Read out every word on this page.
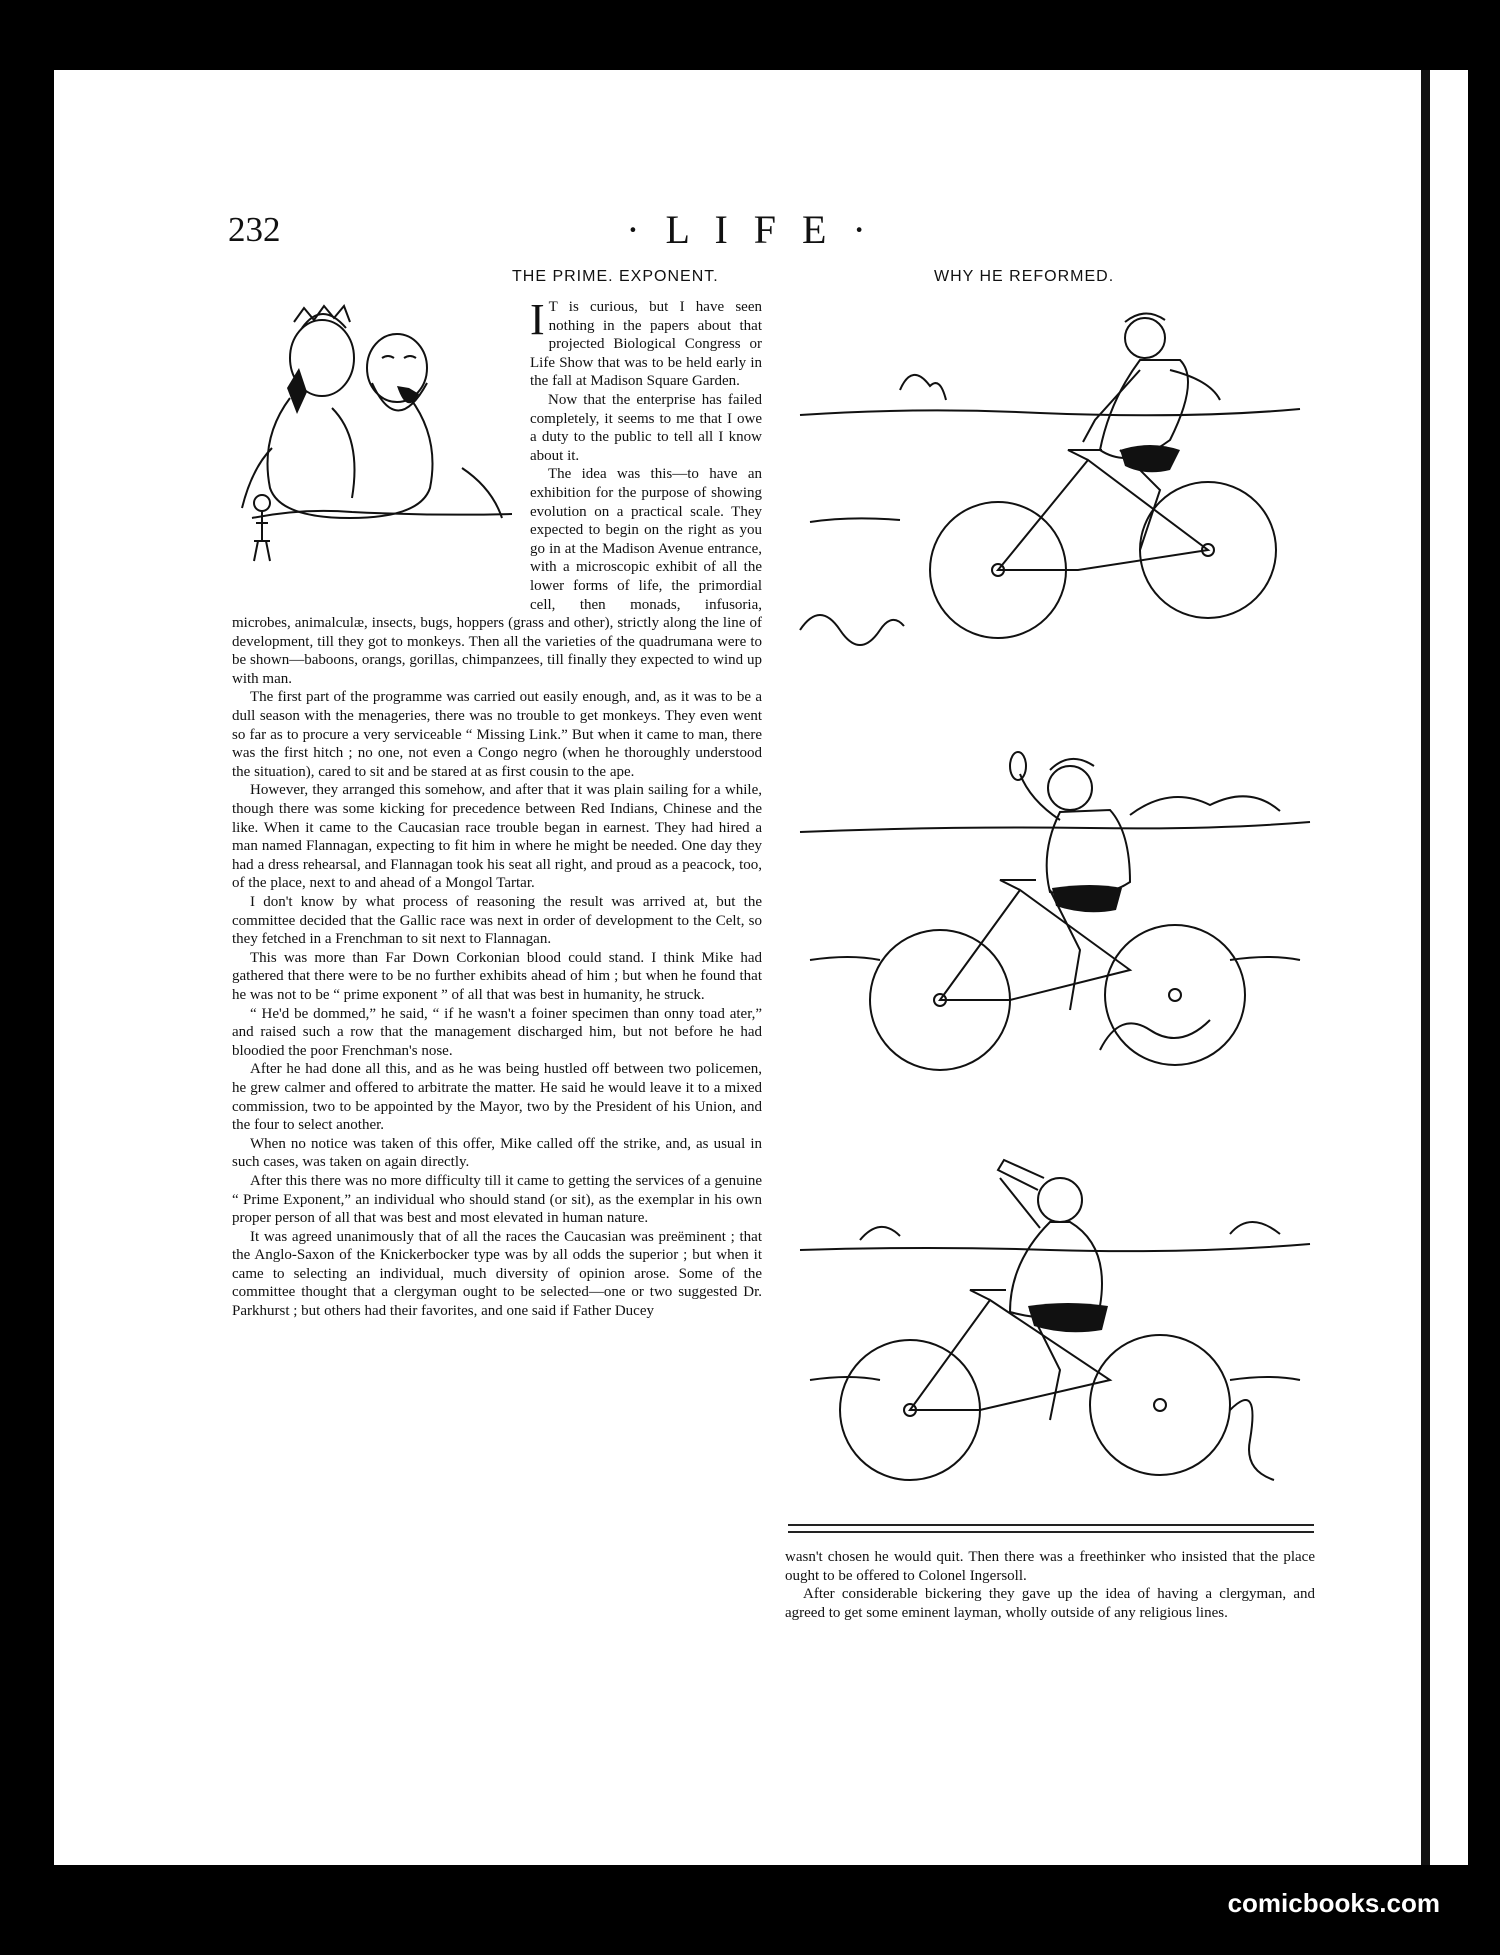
232	· L I F E ·
THE PRIME. EXPONENT.	WHY HE REFORMED.
I T is curious, but I have seen nothing in the papers about that projected Biological Congress or Life Show that was to be held early in the fall at Madison Square Garden.

Now that the enterprise has failed completely, it seems to me that I owe a duty to the public to tell all I know about it.

The idea was this—to have an exhibition for the purpose of showing evolution on a practical scale. They expected to begin on the right as you go in at the Madison Avenue entrance, with a microscopic exhibit of all the lower forms of life, the primordial cell, then monads, infusoria, microbes, animalculæ, insects, bugs, hoppers (grass and other), strictly along the line of development, till they got to monkeys. Then all the varieties of the quadrumana were to be shown—baboons, orangs, gorillas, chimpanzees, till finally they expected to wind up with man.

The first part of the programme was carried out easily enough, and, as it was to be a dull season with the menageries, there was no trouble to get monkeys. They even went so far as to procure a very serviceable “ Missing Link.” But when it came to man, there was the first hitch ; no one, not even a Congo negro (when he thoroughly understood the situation), cared to sit and be stared at as first cousin to the ape.

However, they arranged this somehow, and after that it was plain sailing for a while, though there was some kicking for precedence between Red Indians, Chinese and the like. When it came to the Caucasian race trouble began in earnest. They had hired a man named Flannagan, expecting to fit him in where he might be needed. One day they had a dress rehearsal, and Flannagan took his seat all right, and proud as a peacock, too, of the place, next to and ahead of a Mongol Tartar.

I don't know by what process of reasoning the result was arrived at, but the committee decided that the Gallic race was next in order of development to the Celt, so they fetched in a Frenchman to sit next to Flannagan.

This was more than Far Down Corkonian blood could stand. I think Mike had gathered that there were to be no further exhibits ahead of him ; but when he found that he was not to be “ prime exponent ” of all that was best in humanity, he struck.

“ He'd be dommed,” he said, “ if he wasn't a foiner specimen than onny toad ater,” and raised such a row that the management discharged him, but not before he had bloodied the poor Frenchman's nose.

After he had done all this, and as he was being hustled off between two policemen, he grew calmer and offered to arbitrate the matter. He said he would leave it to a mixed commission, two to be appointed by the Mayor, two by the President of his Union, and the four to select another.

When no notice was taken of this offer, Mike called off the strike, and, as usual in such cases, was taken on again directly.

After this there was no more difficulty till it came to getting the services of a genuine “ Prime Exponent,” an individual who should stand (or sit), as the exemplar in his own proper person of all that was best and most elevated in human nature.

It was agreed unanimously that of all the races the Caucasian was preëminent ; that the Anglo-Saxon of the Knickerbocker type was by all odds the superior ; but when it came to selecting an individual, much diversity of opinion arose. Some of the committee thought that a clergyman ought to be selected—one or two suggested Dr. Parkhurst ; but others had their favorites, and one said if Father Ducey

wasn't chosen he would quit. Then there was a freethinker who insisted that the place ought to be offered to Colonel Ingersoll.

After considerable bickering they gave up the idea of having a clergyman, and agreed to get some eminent layman, wholly outside of any religious lines.

comicbooks.com
